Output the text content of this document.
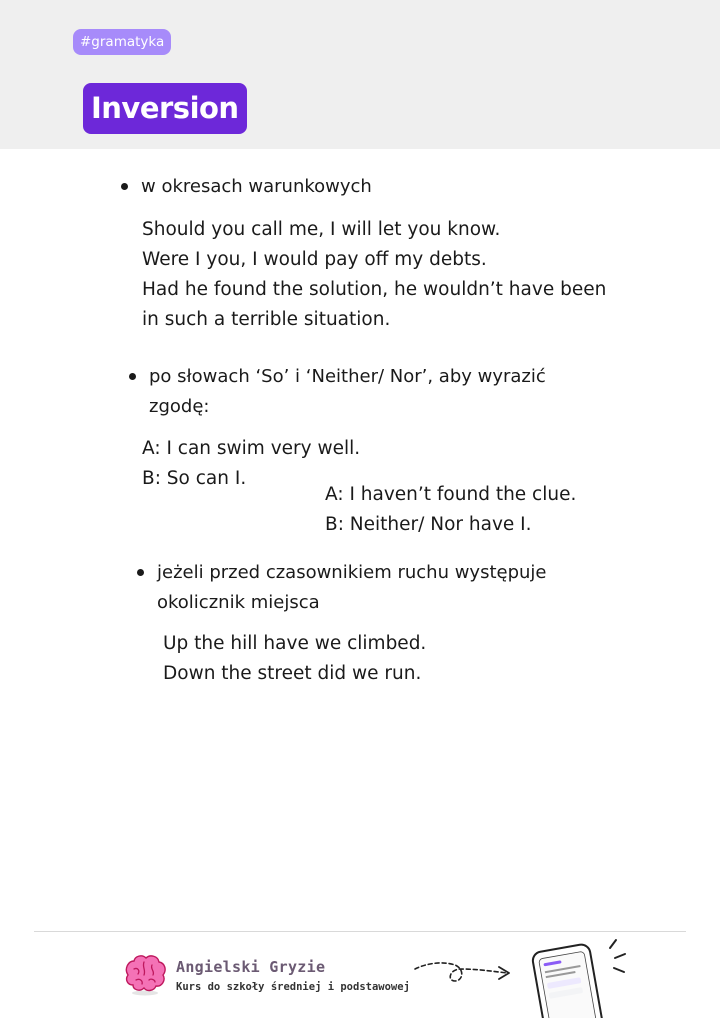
#gramatyka
Inversion
w okresach warunkowych
Should you call me, I will let you know.
Were I you, I would pay off my debts.
Had he found the solution, he wouldn’t have been
in such a terrible situation.
po słowach ‘So’ i ‘Neither/ Nor’, aby wyrazić
zgodę:
A: I can swim very well.
B: So can I.
A: I haven’t found the clue.
B: Neither/ Nor have I.
jeżeli przed czasownikiem ruchu występuje
okolicznik miejsca
Up the hill have we climbed.
Down the street did we run.
Angielski Gryzie
Kurs do szkoły średniej i podstawowej
